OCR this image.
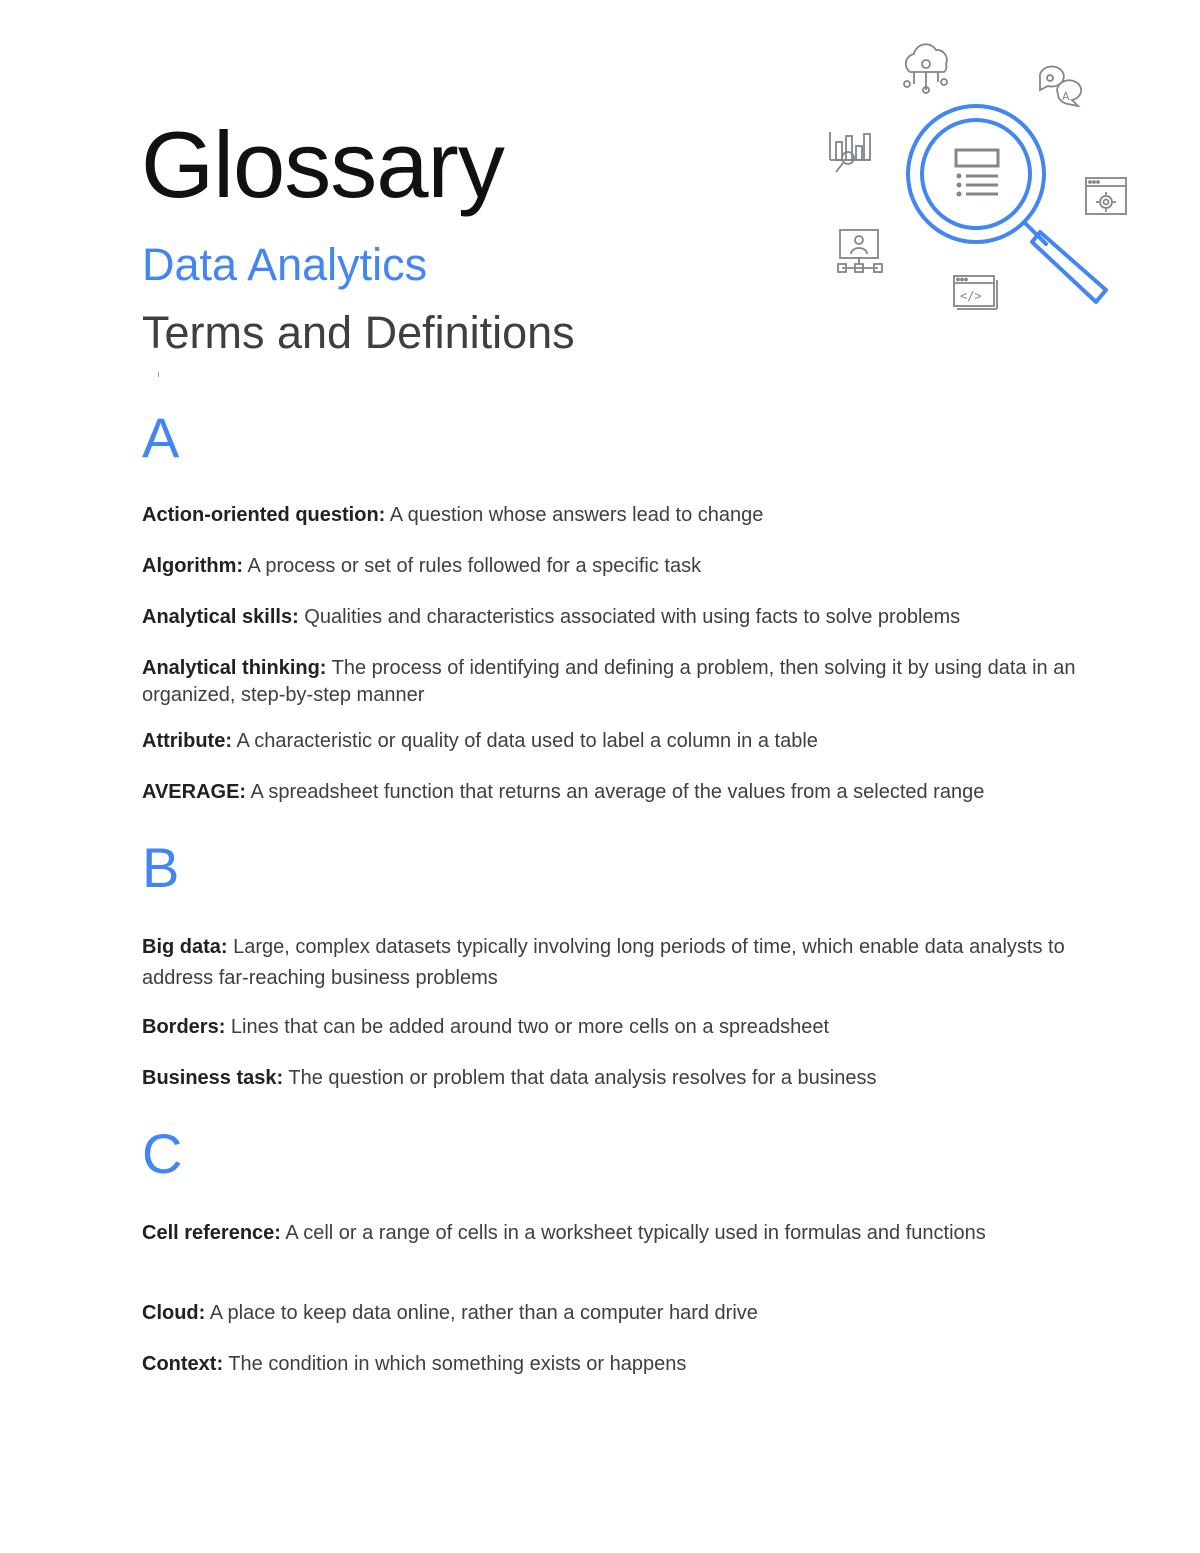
Glossary
Data Analytics
Terms and Definitions
A
</>
A

Action-oriented question: A question whose answers lead to change

Algorithm: A process or set of rules followed for a specific task

Analytical skills: Qualities and characteristics associated with using facts to solve problems

Analytical thinking: The process of identifying and defining a problem, then solving it by using data in an organized, step-by-step manner

Attribute: A characteristic or quality of data used to label a column in a table

AVERAGE: A spreadsheet function that returns an average of the values from a selected range

B

Big data: Large, complex datasets typically involving long periods of time, which enable data analysts to address far-reaching business problems

Borders: Lines that can be added around two or more cells on a spreadsheet

Business task: The question or problem that data analysis resolves for a business

C

Cell reference: A cell or a range of cells in a worksheet typically used in formulas and functions

Cloud: A place to keep data online, rather than a computer hard drive

Context: The condition in which something exists or happens
